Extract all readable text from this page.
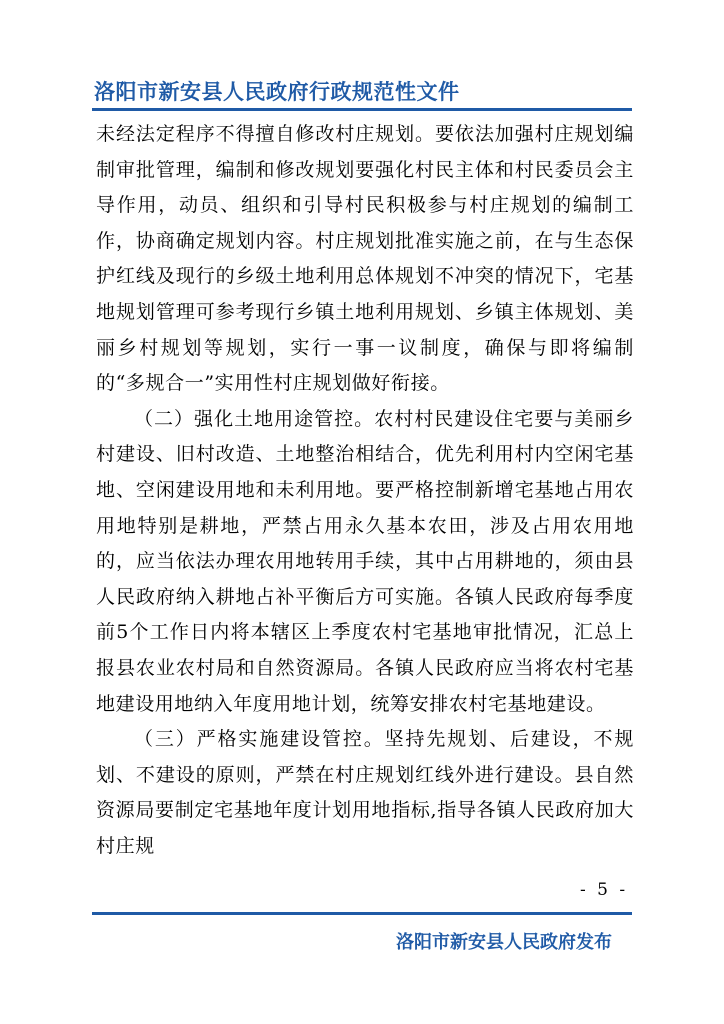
洛阳市新安县人民政府行政规范性文件

未经法定程序不得擅自修改村庄规划。要依法加强村庄规划编制审批管理，编制和修改规划要强化村民主体和村民委员会主导作用，动员、组织和引导村民积极参与村庄规划的编制工作，协商确定规划内容。村庄规划批准实施之前，在与生态保护红线及现行的乡级土地利用总体规划不冲突的情况下，宅基地规划管理可参考现行乡镇土地利用规划、乡镇主体规划、美丽乡村规划等规划，实行一事一议制度，确保与即将编制的“多规合一”实用性村庄规划做好衔接。

（二）强化土地用途管控。农村村民建设住宅要与美丽乡村建设、旧村改造、土地整治相结合，优先利用村内空闲宅基地、空闲建设用地和未利用地。要严格控制新增宅基地占用农用地特别是耕地，严禁占用永久基本农田，涉及占用农用地的，应当依法办理农用地转用手续，其中占用耕地的，须由县人民政府纳入耕地占补平衡后方可实施。各镇人民政府每季度前5个工作日内将本辖区上季度农村宅基地审批情况，汇总上报县农业农村局和自然资源局。各镇人民政府应当将农村宅基地建设用地纳入年度用地计划，统筹安排农村宅基地建设。

（三）严格实施建设管控。坚持先规划、后建设，不规划、不建设的原则，严禁在村庄规划红线外进行建设。县自然资源局要制定宅基地年度计划用地指标,指导各镇人民政府加大村庄规

- 5 -
洛阳市新安县人民政府发布
